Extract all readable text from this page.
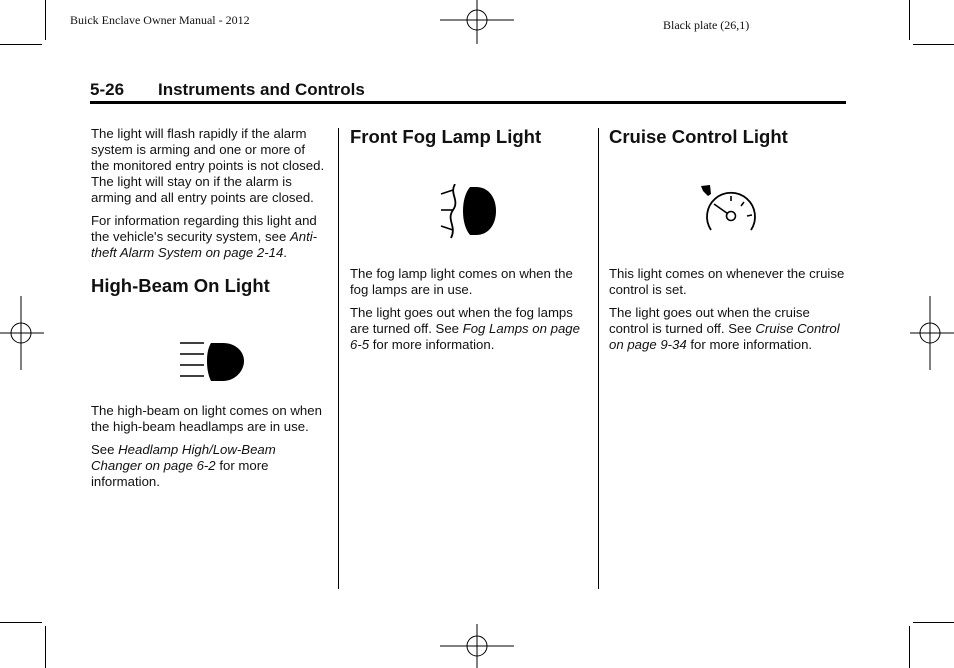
Buick Enclave Owner Manual - 2012	Black plate (26,1)
5-26 Instruments and Controls

The light will flash rapidly if the alarm system is arming and one or more of the monitored entry points is not closed. The light will stay on if the alarm is arming and all entry points are closed.

For information regarding this light and the vehicle's security system, see Anti-theft Alarm System on page 2-14.

High-Beam On Light

The high-beam on light comes on when the high-beam headlamps are in use.

See Headlamp High/Low-Beam Changer on page 6-2 for more information.

Front Fog Lamp Light

The fog lamp light comes on when the fog lamps are in use.

The light goes out when the fog lamps are turned off. See Fog Lamps on page 6-5 for more information.

Cruise Control Light

This light comes on whenever the cruise control is set.

The light goes out when the cruise control is turned off. See Cruise Control on page 9-34 for more information.
